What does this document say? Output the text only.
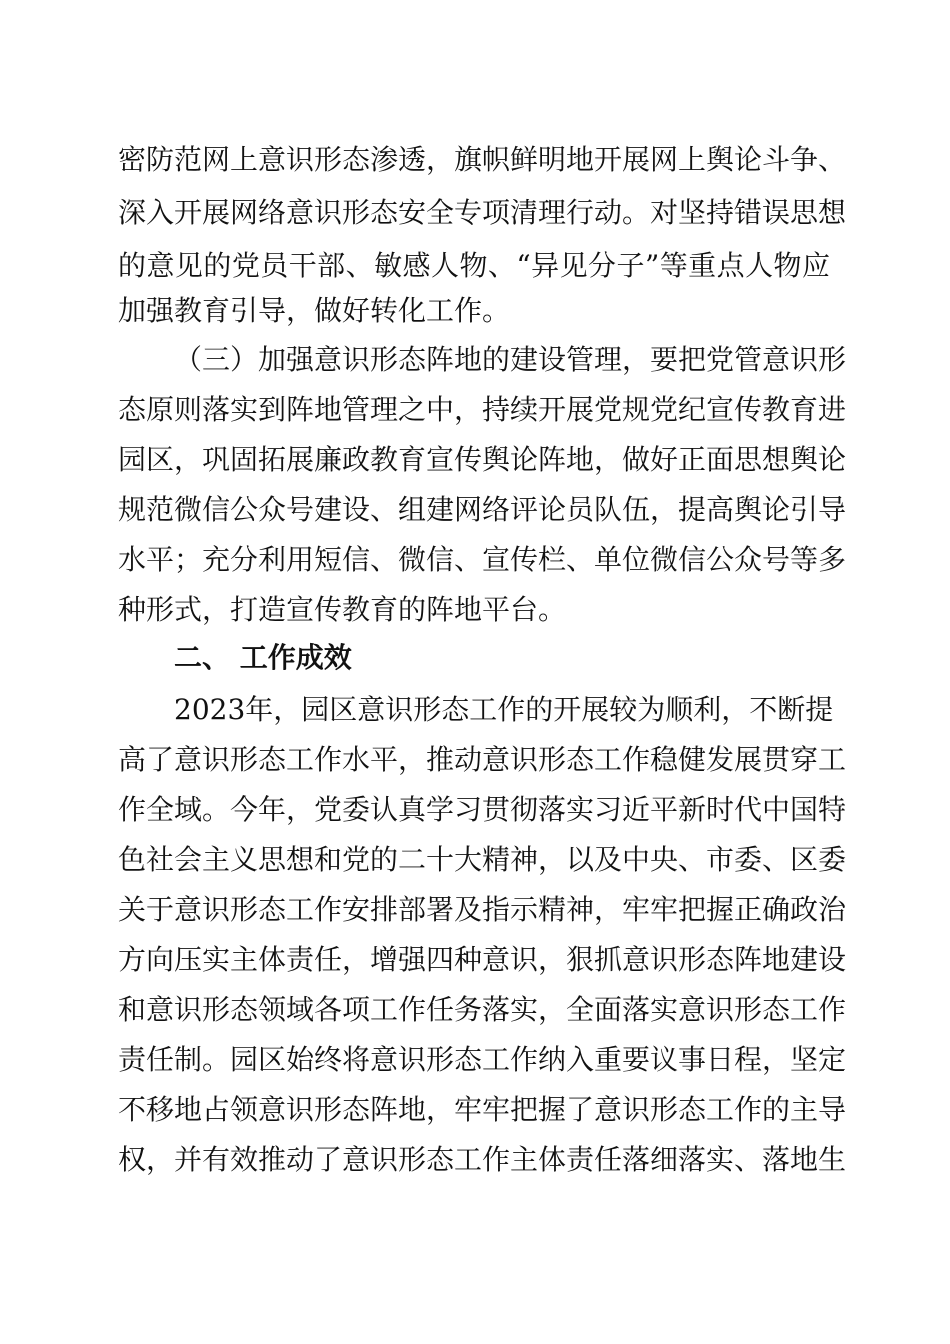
密防范网上意识形态渗透，旗帜鲜明地开展网上舆论斗争、
深入开展网络意识形态安全专项清理行动。对坚持错误思想
的意见的党员干部、敏感人物、“异见分子”等重点人物应
加强教育引导，做好转化工作。
（三）加强意识形态阵地的建设管理，要把党管意识形
态原则落实到阵地管理之中，持续开展党规党纪宣传教育进
园区，巩固拓展廉政教育宣传舆论阵地，做好正面思想舆论
规范微信公众号建设、组建网络评论员队伍，提高舆论引导
水平；充分利用短信、微信、宣传栏、单位微信公众号等多
种形式，打造宣传教育的阵地平台。
二、 工作成效
2023年，园区意识形态工作的开展较为顺利，不断提
高了意识形态工作水平，推动意识形态工作稳健发展贯穿工
作全域。今年，党委认真学习贯彻落实习近平新时代中国特
色社会主义思想和党的二十大精神，以及中央、市委、区委
关于意识形态工作安排部署及指示精神，牢牢把握正确政治
方向压实主体责任，增强四种意识，狠抓意识形态阵地建设
和意识形态领域各项工作任务落实，全面落实意识形态工作
责任制。园区始终将意识形态工作纳入重要议事日程，坚定
不移地占领意识形态阵地，牢牢把握了意识形态工作的主导
权，并有效推动了意识形态工作主体责任落细落实、落地生
